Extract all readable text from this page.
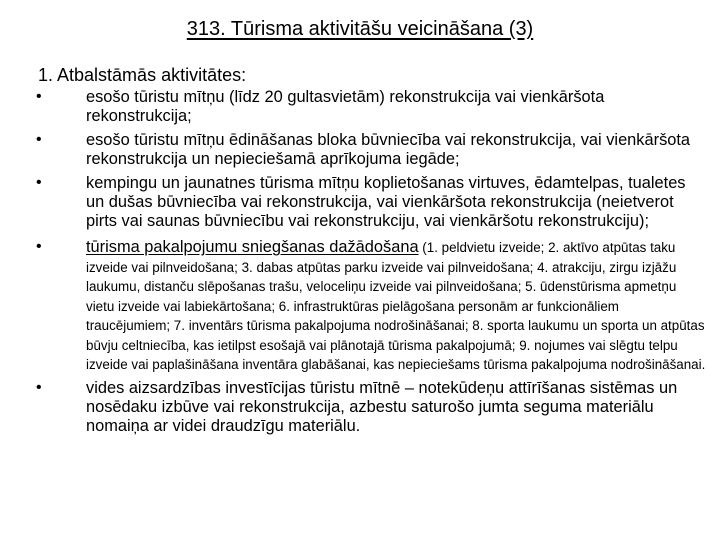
313. Tūrisma aktivitāšu veicināšana (3)
1. Atbalstāmās aktivitātes:
•	esošo tūristu mītņu (līdz 20 gultasvietām) rekonstrukcija vai vienkāršota rekonstrukcija;
•	esošo tūristu mītņu ēdināšanas bloka būvniecība vai rekonstrukcija, vai vienkāršota rekonstrukcija un nepieciešamā aprīkojuma iegāde;
•	kempingu un jaunatnes tūrisma mītņu koplietošanas virtuves, ēdamtelpas, tualetes un dušas būvniecība vai rekonstrukcija, vai vienkāršota rekonstrukcija (neietverot pirts vai saunas būvniecību vai rekonstrukciju, vai vienkāršotu rekonstrukciju);
•	tūrisma pakalpojumu sniegšanas dažādošana (1. peldvietu izveide; 2. aktīvo atpūtas taku izveide vai pilnveidošana; 3. dabas atpūtas parku izveide vai pilnveidošana; 4. atrakciju, zirgu izjāžu laukumu, distanču slēpošanas trašu, veloceliņu izveide vai pilnveidošana; 5. ūdenstūrisma apmetņu vietu izveide vai labiekārtošana; 6. infrastruktūras pielāgošana personām ar funkcionāliem traucējumiem; 7. inventārs tūrisma pakalpojuma nodrošināšanai; 8. sporta laukumu un sporta un atpūtas būvju celtniecība, kas ietilpst esošajā vai plānotajā tūrisma pakalpojumā; 9. nojumes vai slēgtu telpu izveide vai paplašināšana inventāra glabāšanai, kas nepieciešams tūrisma pakalpojuma nodrošināšanai.
•	vides aizsardzības investīcijas tūristu mītnē – notekūdeņu attīrīšanas sistēmas un nosēdaku izbūve vai rekonstrukcija, azbestu saturošo jumta seguma materiālu nomaiņa ar videi draudzīgu materiālu.
